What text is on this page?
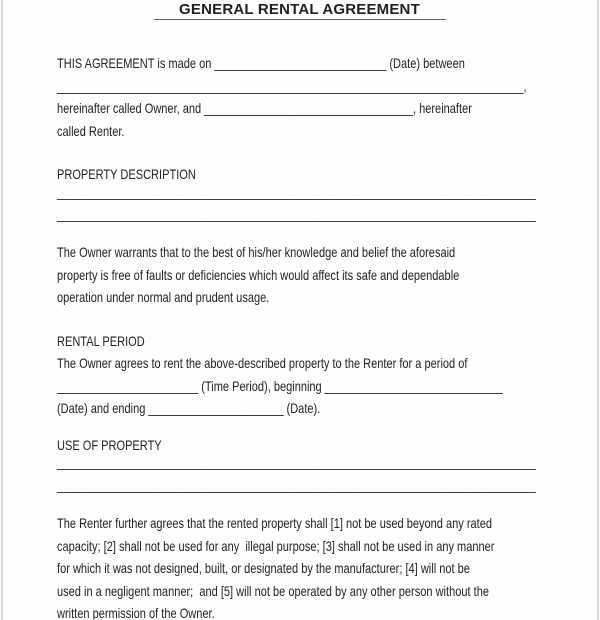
GENERAL RENTAL AGREEMENT
THIS AGREEMENT is made on ____________________________ (Date) between
____________________________________________________________________________,
hereinafter called Owner, and __________________________________, hereinafter
called Renter.
PROPERTY DESCRIPTION
______________________________________________________________________________
______________________________________________________________________________
The Owner warrants that to the best of his/her knowledge and belief the aforesaid
property is free of faults or deficiencies which would affect its safe and dependable
operation under normal and prudent usage.
RENTAL PERIOD
The Owner agrees to rent the above-described property to the Renter for a period of
_______________________ (Time Period), beginning _____________________________
(Date) and ending ______________________ (Date).
USE OF PROPERTY
______________________________________________________________________________
______________________________________________________________________________
The Renter further agrees that the rented property shall [1] not be used beyond any rated
capacity; [2] shall not be used for any  illegal purpose; [3] shall not be used in any manner
for which it was not designed, built, or designated by the manufacturer; [4] will not be
used in a negligent manner;  and [5] will not be operated by any other person without the
written permission of the Owner.
